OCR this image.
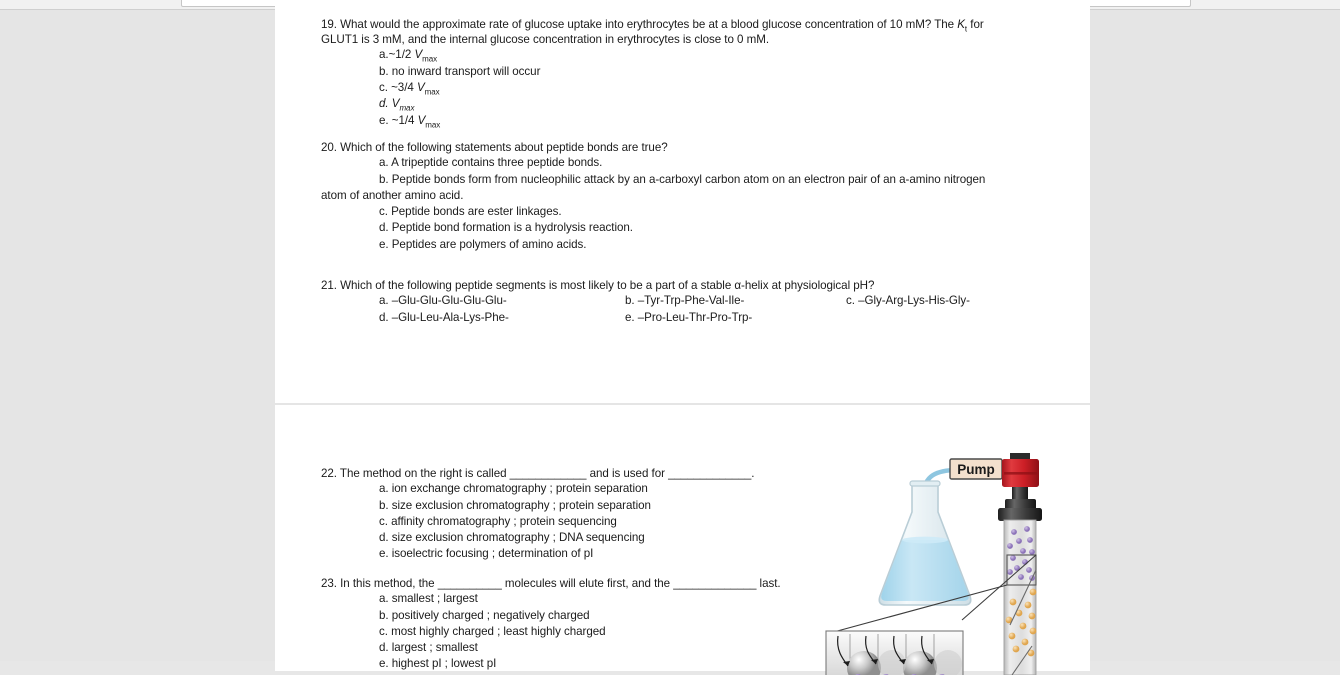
19. What would the approximate rate of glucose uptake into erythrocytes be at a blood glucose concentration of 10 mM? The $K_t$ for
GLUT1 is 3 mM, and the internal glucose concentration in erythrocytes is close to 0 mM.
a.~1/2 $V_{max}$
b. no inward transport will occur
c. ~3/4 $V_{max}$
d. $V_{max}$
e. ~1/4 $V_{max}$
20. Which of the following statements about peptide bonds are true?
a. A tripeptide contains three peptide bonds.
b. Peptide bonds form from nucleophilic attack by an a-carboxyl carbon atom on an electron pair of an a-amino nitrogen
atom of another amino acid.
c. Peptide bonds are ester linkages.
d. Peptide bond formation is a hydrolysis reaction.
e. Peptides are polymers of amino acids.
21. Which of the following peptide segments is most likely to be a part of a stable α-helix at physiological pH?
a. –Glu-Glu-Glu-Glu-Glu-	b. –Tyr-Trp-Phe-Val-Ile-	c. –Gly-Arg-Lys-His-Gly-
d. –Glu-Leu-Ala-Lys-Phe-	e. –Pro-Leu-Thr-Pro-Trp-
22. The method on the right is called ____________ and is used for _____________.
a. ion exchange chromatography ; protein separation
b. size exclusion chromatography ; protein separation
c. affinity chromatography ; protein sequencing
d. size exclusion chromatography ; DNA sequencing
e. isoelectric focusing ; determination of pI
23. In this method, the __________ molecules will elute first, and the _____________ last.
a. smallest ; largest
b. positively charged ; negatively charged
c. most highly charged ; least highly charged
d. largest ; smallest
e. highest pI ; lowest pI
Pump
